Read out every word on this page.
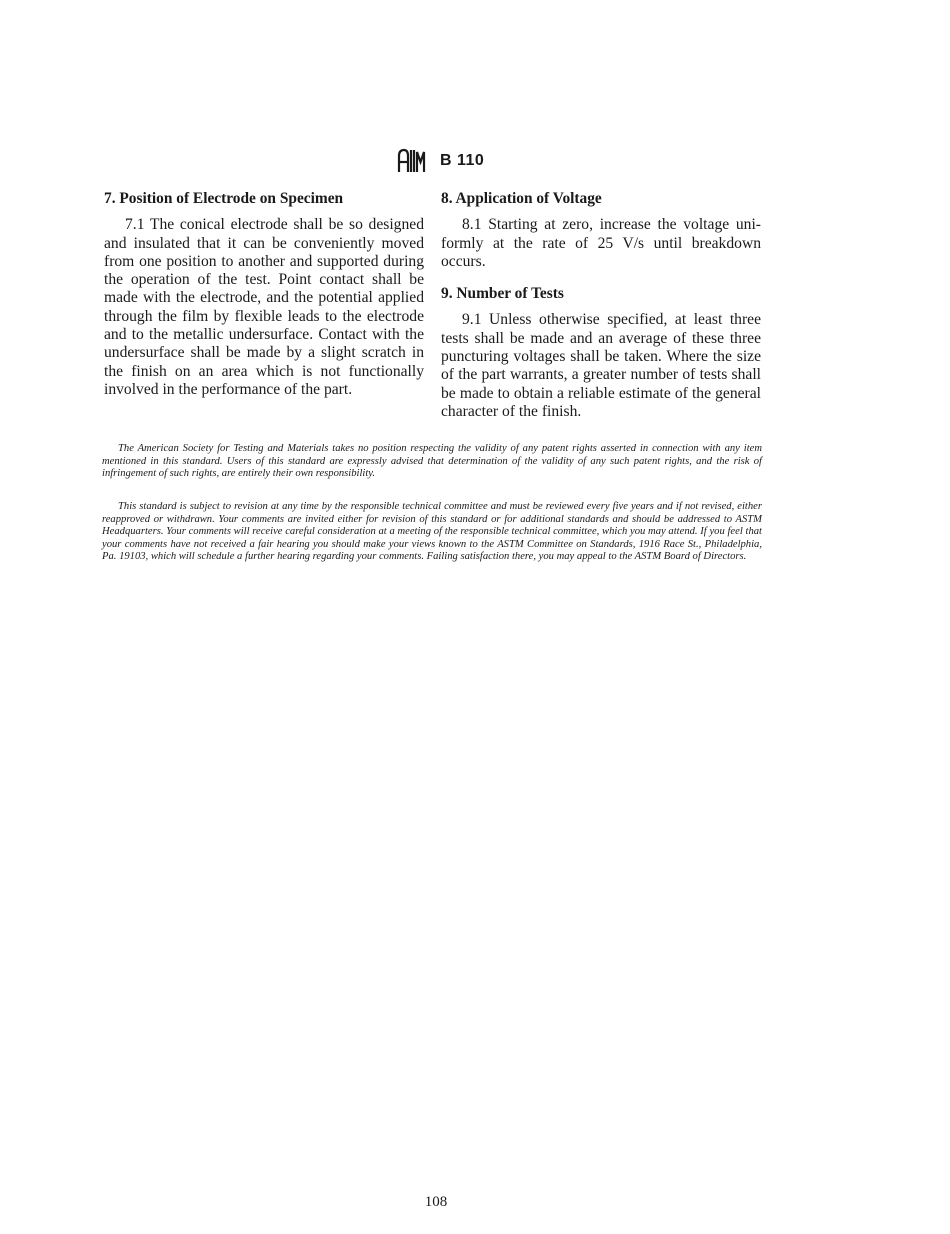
B 110
7. Position of Electrode on Specimen

7.1 The conical electrode shall be so designed and insulated that it can be conveniently moved from one position to another and supported during the operation of the test. Point contact shall be made with the electrode, and the potential applied through the film by flexible leads to the electrode and to the metallic undersurface. Contact with the undersurface shall be made by a slight scratch in the finish on an area which is not functionally involved in the performance of the part.

8. Application of Voltage

8.1 Starting at zero, increase the voltage uniformly at the rate of 25 V/s until breakdown occurs.

9. Number of Tests

9.1 Unless otherwise specified, at least three tests shall be made and an average of these three puncturing voltages shall be taken. Where the size of the part warrants, a greater number of tests shall be made to obtain a reliable estimate of the general character of the finish.

The American Society for Testing and Materials takes no position respecting the validity of any patent rights asserted in connection with any item mentioned in this standard. Users of this standard are expressly advised that determination of the validity of any such patent rights, and the risk of infringement of such rights, are entirely their own responsibility.

This standard is subject to revision at any time by the responsible technical committee and must be reviewed every five years and if not revised, either reapproved or withdrawn. Your comments are invited either for revision of this standard or for additional standards and should be addressed to ASTM Headquarters. Your comments will receive careful consideration at a meeting of the responsible technical committee, which you may attend. If you feel that your comments have not received a fair hearing you should make your views known to the ASTM Committee on Standards, 1916 Race St., Philadelphia, Pa. 19103, which will schedule a further hearing regarding your comments. Failing satisfaction there, you may appeal to the ASTM Board of Directors.

108
